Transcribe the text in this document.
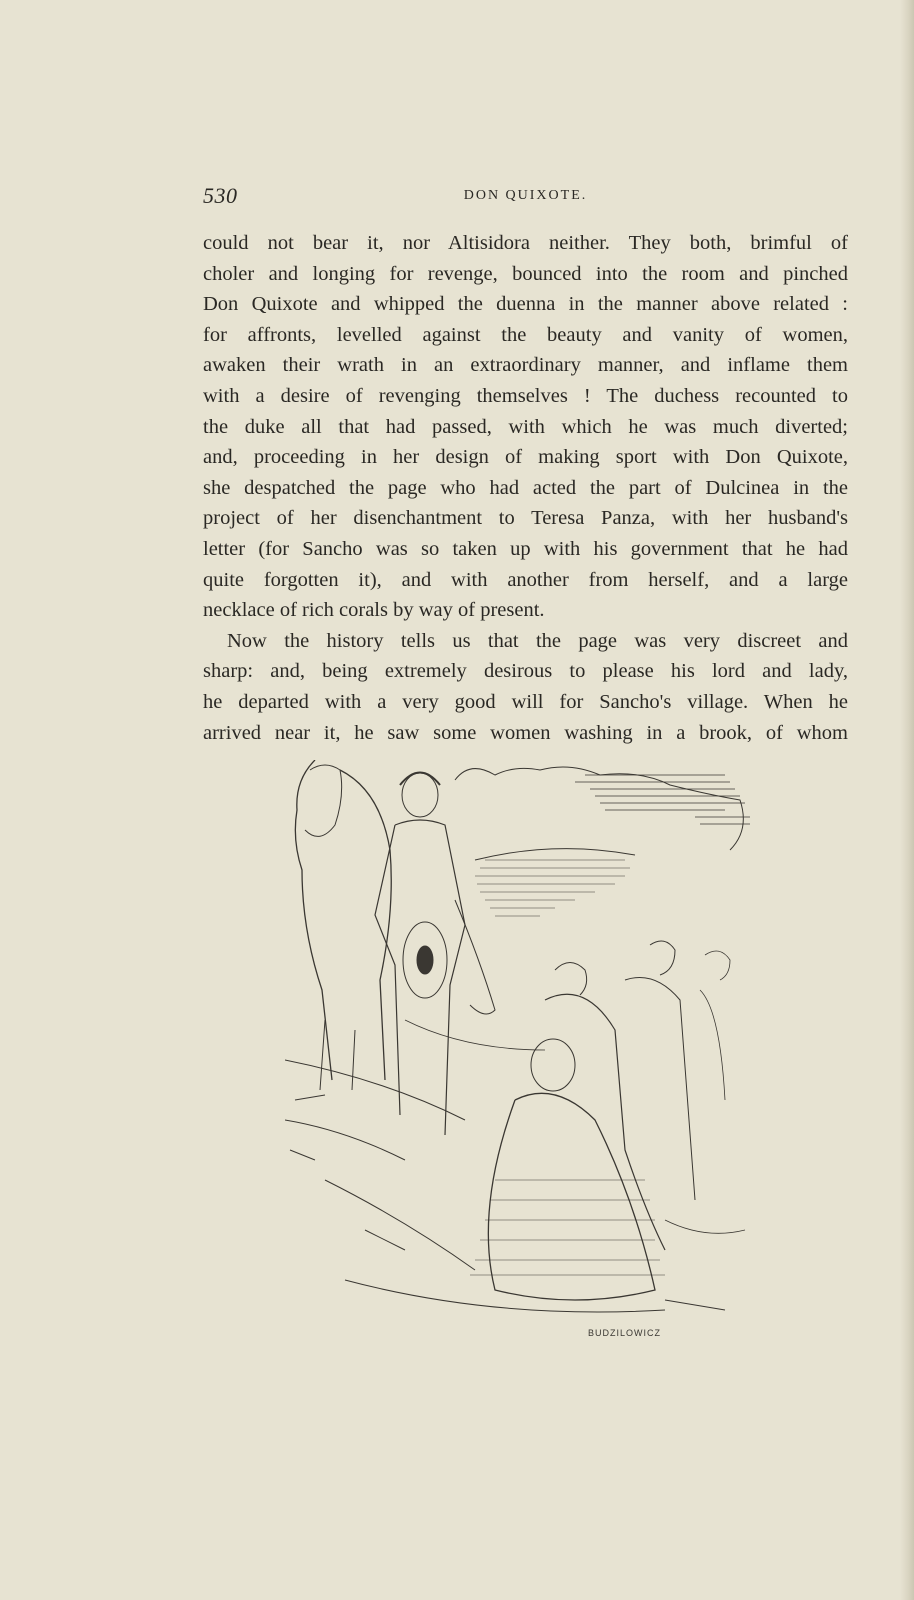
530	DON QUIXOTE.
could not bear it, nor Altisidora neither. They both, brimful of
choler and longing for revenge, bounced into the room and pinched
Don Quixote and whipped the duenna in the manner above related :
for affronts, levelled against the beauty and vanity of women,
awaken their wrath in an extraordinary manner, and inflame them
with a desire of revenging themselves ! The duchess recounted to
the duke all that had passed, with which he was much diverted;
and, proceeding in her design of making sport with Don Quixote,
she despatched the page who had acted the part of Dulcinea in the
project of her disenchantment to Teresa Panza, with her husband's
letter (for Sancho was so taken up with his government that he had
quite forgotten it), and with another from herself, and a large
necklace of rich corals by way of present.
Now the history tells us that the page was very discreet and
sharp: and, being extremely desirous to please his lord and lady,
he departed with a very good will for Sancho's village. When he
arrived near it, he saw some women washing in a brook, of whom
BUDZILOWICZ
